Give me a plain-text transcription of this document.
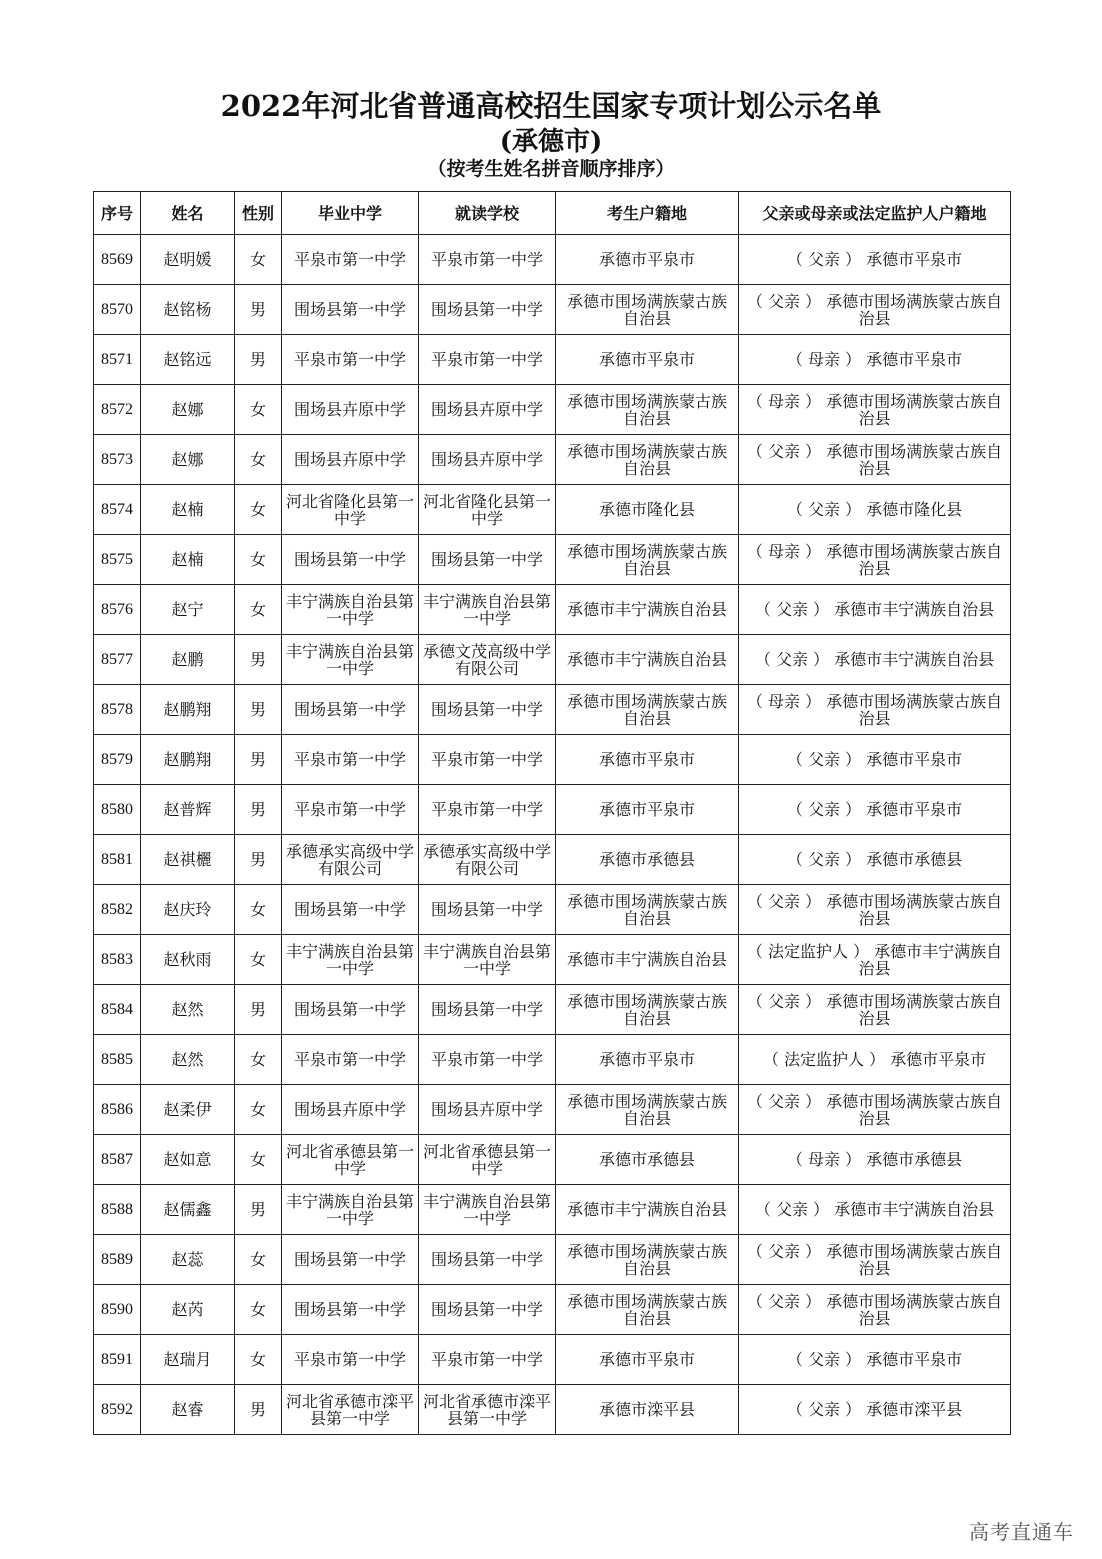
2022年河北省普通高校招生国家专项计划公示名单
(承德市)
（按考生姓名拼音顺序排序）
序号	姓名	性别	毕业中学	就读学校	考生户籍地	父亲或母亲或法定监护人户籍地
8569	赵明媛	女	平泉市第一中学	平泉市第一中学	承德市平泉市	（ 父亲 ） 承德市平泉市
8570	赵铭杨	男	围场县第一中学	围场县第一中学	承德市围场满族蒙古族自治县	（ 父亲 ） 承德市围场满族蒙古族自治县
8571	赵铭远	男	平泉市第一中学	平泉市第一中学	承德市平泉市	（ 母亲 ） 承德市平泉市
8572	赵娜	女	围场县卉原中学	围场县卉原中学	承德市围场满族蒙古族自治县	（ 母亲 ） 承德市围场满族蒙古族自治县
8573	赵娜	女	围场县卉原中学	围场县卉原中学	承德市围场满族蒙古族自治县	（ 父亲 ） 承德市围场满族蒙古族自治县
8574	赵楠	女	河北省隆化县第一中学	河北省隆化县第一中学	承德市隆化县	（ 父亲 ） 承德市隆化县
8575	赵楠	女	围场县第一中学	围场县第一中学	承德市围场满族蒙古族自治县	（ 母亲 ） 承德市围场满族蒙古族自治县
8576	赵宁	女	丰宁满族自治县第一中学	丰宁满族自治县第一中学	承德市丰宁满族自治县	（ 父亲 ） 承德市丰宁满族自治县
8577	赵鹏	男	丰宁满族自治县第一中学	承德文茂高级中学有限公司	承德市丰宁满族自治县	（ 父亲 ） 承德市丰宁满族自治县
8578	赵鹏翔	男	围场县第一中学	围场县第一中学	承德市围场满族蒙古族自治县	（ 母亲 ） 承德市围场满族蒙古族自治县
8579	赵鹏翔	男	平泉市第一中学	平泉市第一中学	承德市平泉市	（ 父亲 ） 承德市平泉市
8580	赵普辉	男	平泉市第一中学	平泉市第一中学	承德市平泉市	（ 父亲 ） 承德市平泉市
8581	赵祺欐	男	承德承实高级中学有限公司	承德承实高级中学有限公司	承德市承德县	（ 父亲 ） 承德市承德县
8582	赵庆玲	女	围场县第一中学	围场县第一中学	承德市围场满族蒙古族自治县	（ 父亲 ） 承德市围场满族蒙古族自治县
8583	赵秋雨	女	丰宁满族自治县第一中学	丰宁满族自治县第一中学	承德市丰宁满族自治县	（ 法定监护人 ） 承德市丰宁满族自治县
8584	赵然	男	围场县第一中学	围场县第一中学	承德市围场满族蒙古族自治县	（ 父亲 ） 承德市围场满族蒙古族自治县
8585	赵然	女	平泉市第一中学	平泉市第一中学	承德市平泉市	（ 法定监护人 ） 承德市平泉市
8586	赵柔伊	女	围场县卉原中学	围场县卉原中学	承德市围场满族蒙古族自治县	（ 父亲 ） 承德市围场满族蒙古族自治县
8587	赵如意	女	河北省承德县第一中学	河北省承德县第一中学	承德市承德县	（ 母亲 ） 承德市承德县
8588	赵儒鑫	男	丰宁满族自治县第一中学	丰宁满族自治县第一中学	承德市丰宁满族自治县	（ 父亲 ） 承德市丰宁满族自治县
8589	赵蕊	女	围场县第一中学	围场县第一中学	承德市围场满族蒙古族自治县	（ 父亲 ） 承德市围场满族蒙古族自治县
8590	赵芮	女	围场县第一中学	围场县第一中学	承德市围场满族蒙古族自治县	（ 父亲 ） 承德市围场满族蒙古族自治县
8591	赵瑞月	女	平泉市第一中学	平泉市第一中学	承德市平泉市	（ 父亲 ） 承德市平泉市
8592	赵睿	男	河北省承德市滦平县第一中学	河北省承德市滦平县第一中学	承德市滦平县	（ 父亲 ） 承德市滦平县
高考直通车
